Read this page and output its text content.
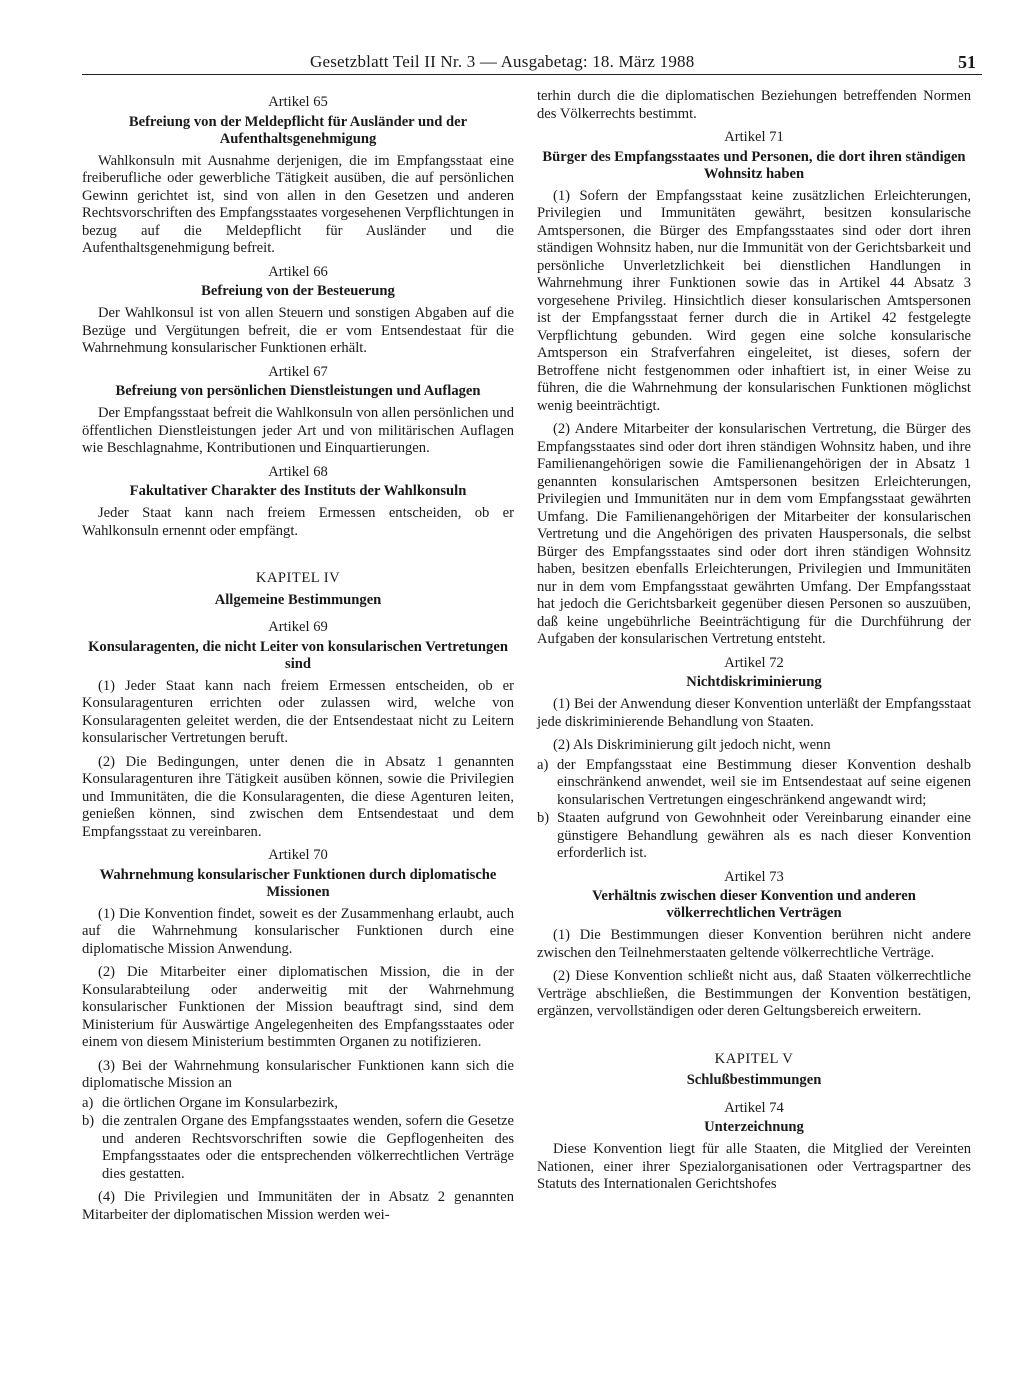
Gesetzblatt Teil II Nr. 3 — Ausgabetag: 18. März 1988	51
Artikel 65
Befreiung von der Meldepflicht für Ausländer und der Aufenthaltsgenehmigung

Wahlkonsuln mit Ausnahme derjenigen, die im Empfangsstaat eine freiberufliche oder gewerbliche Tätigkeit ausüben, die auf persönlichen Gewinn gerichtet ist, sind von allen in den Gesetzen und anderen Rechtsvorschriften des Empfangsstaates vorgesehenen Verpflichtungen in bezug auf die Meldepflicht für Ausländer und die Aufenthaltsgenehmigung befreit.

Artikel 66
Befreiung von der Besteuerung

Der Wahlkonsul ist von allen Steuern und sonstigen Abgaben auf die Bezüge und Vergütungen befreit, die er vom Entsendestaat für die Wahrnehmung konsularischer Funktionen erhält.

Artikel 67
Befreiung von persönlichen Dienstleistungen und Auflagen

Der Empfangsstaat befreit die Wahlkonsuln von allen persönlichen und öffentlichen Dienstleistungen jeder Art und von militärischen Auflagen wie Beschlagnahme, Kontributionen und Einquartierungen.

Artikel 68
Fakultativer Charakter des Instituts der Wahlkonsuln

Jeder Staat kann nach freiem Ermessen entscheiden, ob er Wahlkonsuln ernennt oder empfängt.

KAPITEL IV
Allgemeine Bestimmungen
Artikel 69
Konsularagenten, die nicht Leiter von konsularischen Vertretungen sind

(1) Jeder Staat kann nach freiem Ermessen entscheiden, ob er Konsularagenturen errichten oder zulassen wird, welche von Konsularagenten geleitet werden, die der Entsendestaat nicht zu Leitern konsularischer Vertretungen beruft.

(2) Die Bedingungen, unter denen die in Absatz 1 genannten Konsularagenturen ihre Tätigkeit ausüben können, sowie die Privilegien und Immunitäten, die die Konsularagenten, die diese Agenturen leiten, genießen können, sind zwischen dem Entsendestaat und dem Empfangsstaat zu vereinbaren.

Artikel 70
Wahrnehmung konsularischer Funktionen durch diplomatische Missionen

(1) Die Konvention findet, soweit es der Zusammenhang erlaubt, auch auf die Wahrnehmung konsularischer Funktionen durch eine diplomatische Mission Anwendung.

(2) Die Mitarbeiter einer diplomatischen Mission, die in der Konsularabteilung oder anderweitig mit der Wahrnehmung konsularischer Funktionen der Mission beauftragt sind, sind dem Ministerium für Auswärtige Angelegenheiten des Empfangsstaates oder einem von diesem Ministerium bestimmten Organen zu notifizieren.

(3) Bei der Wahrnehmung konsularischer Funktionen kann sich die diplomatische Mission an

a) die örtlichen Organe im Konsularbezirk,
b) die zentralen Organe des Empfangsstaates wenden, sofern die Gesetze und anderen Rechtsvorschriften sowie die Gepflogenheiten des Empfangsstaates oder die entsprechenden völkerrechtlichen Verträge dies gestatten.

(4) Die Privilegien und Immunitäten der in Absatz 2 genannten Mitarbeiter der diplomatischen Mission werden wei-

terhin durch die die diplomatischen Beziehungen betreffenden Normen des Völkerrechts bestimmt.

Artikel 71
Bürger des Empfangsstaates und Personen, die dort ihren ständigen Wohnsitz haben

(1) Sofern der Empfangsstaat keine zusätzlichen Erleichterungen, Privilegien und Immunitäten gewährt, besitzen konsularische Amtspersonen, die Bürger des Empfangsstaates sind oder dort ihren ständigen Wohnsitz haben, nur die Immunität von der Gerichtsbarkeit und persönliche Unverletzlichkeit bei dienstlichen Handlungen in Wahrnehmung ihrer Funktionen sowie das in Artikel 44 Absatz 3 vorgesehene Privileg. Hinsichtlich dieser konsularischen Amtspersonen ist der Empfangsstaat ferner durch die in Artikel 42 festgelegte Verpflichtung gebunden. Wird gegen eine solche konsularische Amtsperson ein Strafverfahren eingeleitet, ist dieses, sofern der Betroffene nicht festgenommen oder inhaftiert ist, in einer Weise zu führen, die die Wahrnehmung der konsularischen Funktionen möglichst wenig beeinträchtigt.

(2) Andere Mitarbeiter der konsularischen Vertretung, die Bürger des Empfangsstaates sind oder dort ihren ständigen Wohnsitz haben, und ihre Familienangehörigen sowie die Familienangehörigen der in Absatz 1 genannten konsularischen Amtspersonen besitzen Erleichterungen, Privilegien und Immunitäten nur in dem vom Empfangsstaat gewährten Umfang. Die Familienangehörigen der Mitarbeiter der konsularischen Vertretung und die Angehörigen des privaten Hauspersonals, die selbst Bürger des Empfangsstaates sind oder dort ihren ständigen Wohnsitz haben, besitzen ebenfalls Erleichterungen, Privilegien und Immunitäten nur in dem vom Empfangsstaat gewährten Umfang. Der Empfangsstaat hat jedoch die Gerichtsbarkeit gegenüber diesen Personen so auszuüben, daß keine ungebührliche Beeinträchtigung für die Durchführung der Aufgaben der konsularischen Vertretung entsteht.

Artikel 72
Nichtdiskriminierung

(1) Bei der Anwendung dieser Konvention unterläßt der Empfangsstaat jede diskriminierende Behandlung von Staaten.

(2) Als Diskriminierung gilt jedoch nicht, wenn

a) der Empfangsstaat eine Bestimmung dieser Konvention deshalb einschränkend anwendet, weil sie im Entsendestaat auf seine eigenen konsularischen Vertretungen eingeschränkend angewandt wird;
b) Staaten aufgrund von Gewohnheit oder Vereinbarung einander eine günstigere Behandlung gewähren als es nach dieser Konvention erforderlich ist.
Artikel 73
Verhältnis zwischen dieser Konvention und anderen völkerrechtlichen Verträgen

(1) Die Bestimmungen dieser Konvention berühren nicht andere zwischen den Teilnehmerstaaten geltende völkerrechtliche Verträge.

(2) Diese Konvention schließt nicht aus, daß Staaten völkerrechtliche Verträge abschließen, die Bestimmungen der Konvention bestätigen, ergänzen, vervollständigen oder deren Geltungsbereich erweitern.

KAPITEL V
Schlußbestimmungen
Artikel 74
Unterzeichnung

Diese Konvention liegt für alle Staaten, die Mitglied der Vereinten Nationen, einer ihrer Spezialorganisationen oder Vertragspartner des Statuts des Internationalen Gerichtshofes
